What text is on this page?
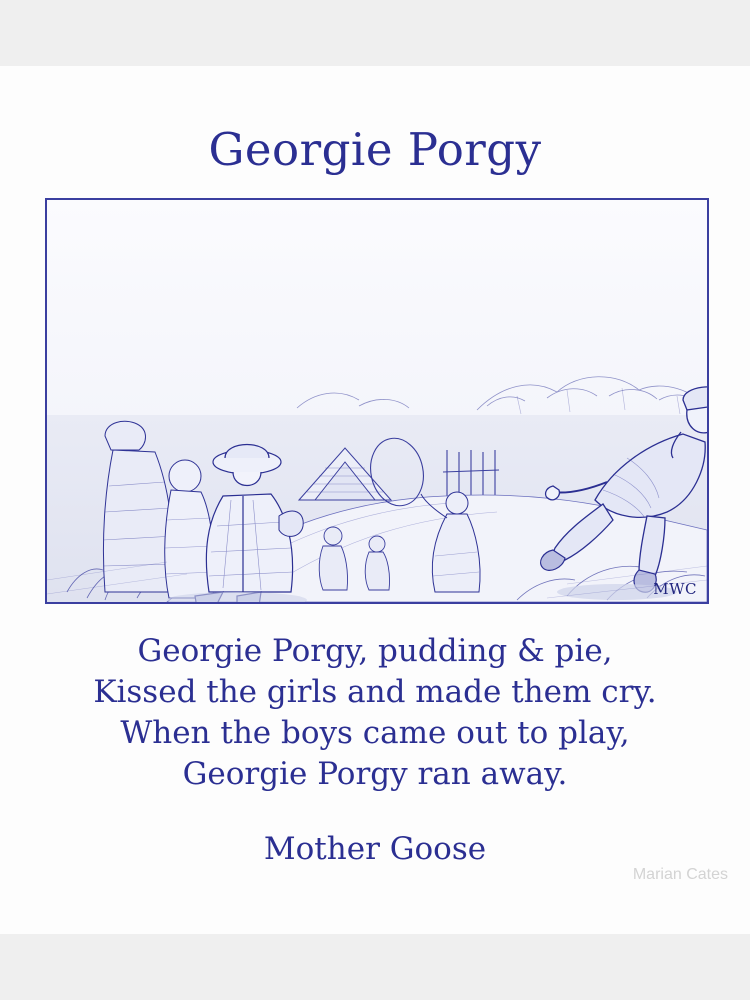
Georgie Porgy
MWC
Georgie Porgy, pudding & pie,
Kissed the girls and made them cry.
When the boys came out to play,
Georgie Porgy ran away.
Mother Goose
Marian Cates
